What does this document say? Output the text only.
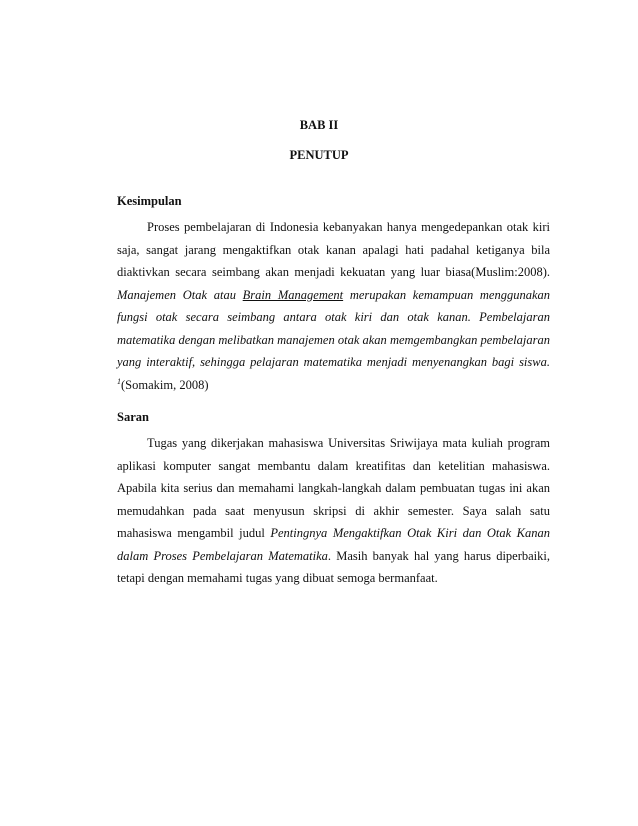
BAB II
PENUTUP
Kesimpulan

Proses pembelajaran di Indonesia kebanyakan hanya mengedepankan otak kiri saja, sangat jarang mengaktifkan otak kanan apalagi hati padahal ketiganya bila diaktivkan secara seimbang akan menjadi kekuatan yang luar biasa(Muslim:2008). Manajemen Otak atau Brain Management merupakan kemampuan menggunakan fungsi otak secara seimbang antara otak kiri dan otak kanan. Pembelajaran matematika dengan melibatkan manajemen otak akan memgembangkan pembelajaran yang interaktif, sehingga pelajaran matematika menjadi menyenangkan bagi siswa. $^1$(Somakim, 2008)

Saran

Tugas yang dikerjakan mahasiswa Universitas Sriwijaya mata kuliah program aplikasi komputer sangat membantu dalam kreatifitas dan ketelitian mahasiswa. Apabila kita serius dan memahami langkah-langkah dalam pembuatan tugas ini akan memudahkan pada saat menyusun skripsi di akhir semester. Saya salah satu mahasiswa mengambil judul Pentingnya Mengaktifkan Otak Kiri dan Otak Kanan dalam Proses Pembelajaran Matematika. Masih banyak hal yang harus diperbaiki, tetapi dengan memahami tugas yang dibuat semoga bermanfaat.
